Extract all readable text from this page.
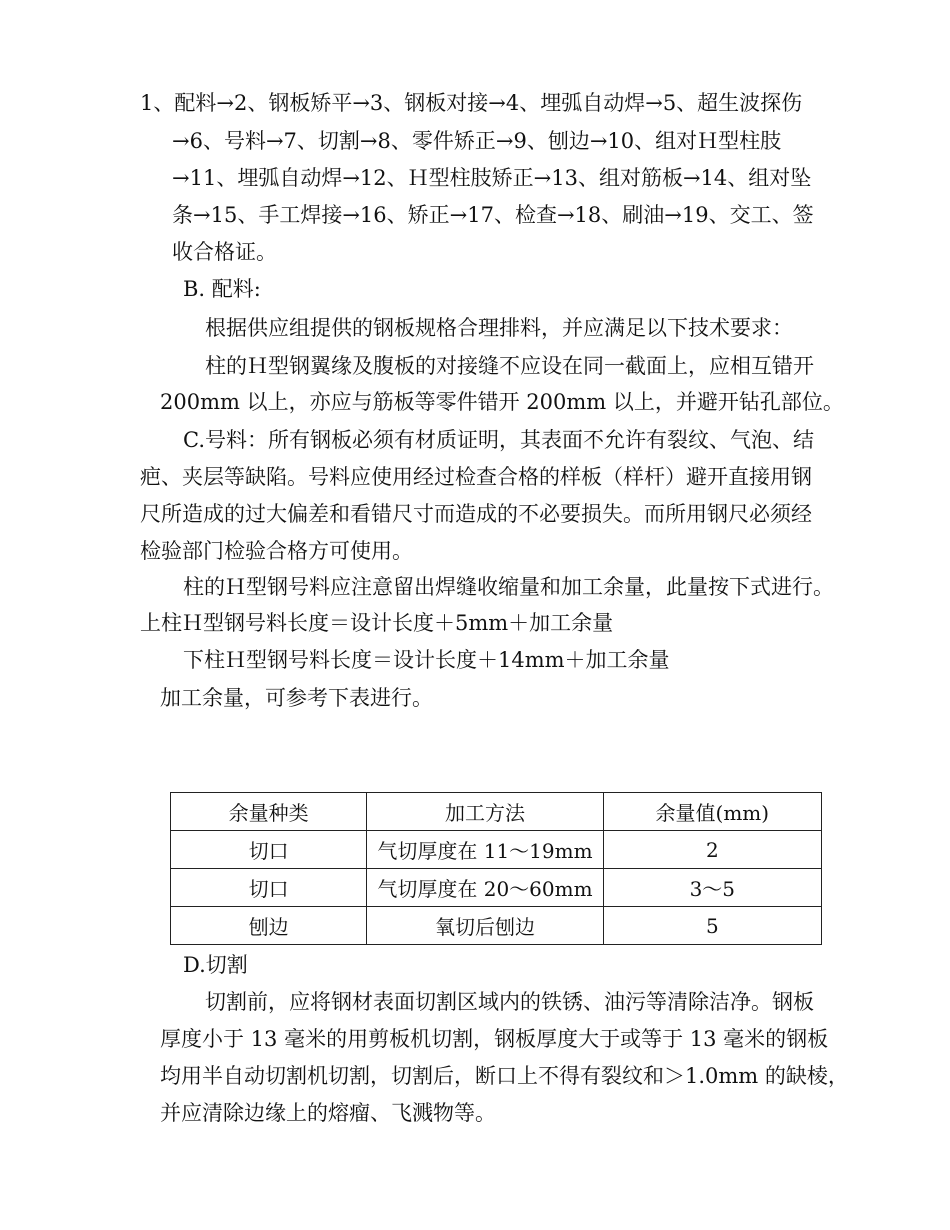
1、配料→2、钢板矫平→3、钢板对接→4、埋弧自动焊→5、超生波探伤

→6、号料→7、切割→8、零件矫正→9、刨边→10、组对Ｈ型柱肢

→11、埋弧自动焊→12、Ｈ型柱肢矫正→13、组对筋板→14、组对坠

条→15、手工焊接→16、矫正→17、检查→18、刷油→19、交工、签

收合格证。

B. 配料:

根据供应组提供的钢板规格合理排料，并应满足以下技术要求：

柱的Ｈ型钢翼缘及腹板的对接缝不应设在同一截面上，应相互错开

200mm 以上，亦应与筋板等零件错开 200mm 以上，并避开钻孔部位。

C.号料：所有钢板必须有材质证明，其表面不允许有裂纹、气泡、结

疤、夹层等缺陷。号料应使用经过检查合格的样板（样杆）避开直接用钢

尺所造成的过大偏差和看错尺寸而造成的不必要损失。而所用钢尺必须经

检验部门检验合格方可使用。

柱的Ｈ型钢号料应注意留出焊缝收缩量和加工余量，此量按下式进行。

上柱Ｈ型钢号料长度＝设计长度＋5mm＋加工余量

下柱Ｈ型钢号料长度＝设计长度＋14mm＋加工余量

加工余量，可参考下表进行。

余量种类	加工方法	余量值(mm)
切口	气切厚度在 11～19mm	2
切口	气切厚度在 20～60mm	3～5
刨边	氧切后刨边	5

D.切割

切割前，应将钢材表面切割区域内的铁锈、油污等清除洁净。钢板

厚度小于 13 毫米的用剪板机切割，钢板厚度大于或等于 13 毫米的钢板

均用半自动切割机切割，切割后，断口上不得有裂纹和＞1.0mm 的缺棱，

并应清除边缘上的熔瘤、飞溅物等。
